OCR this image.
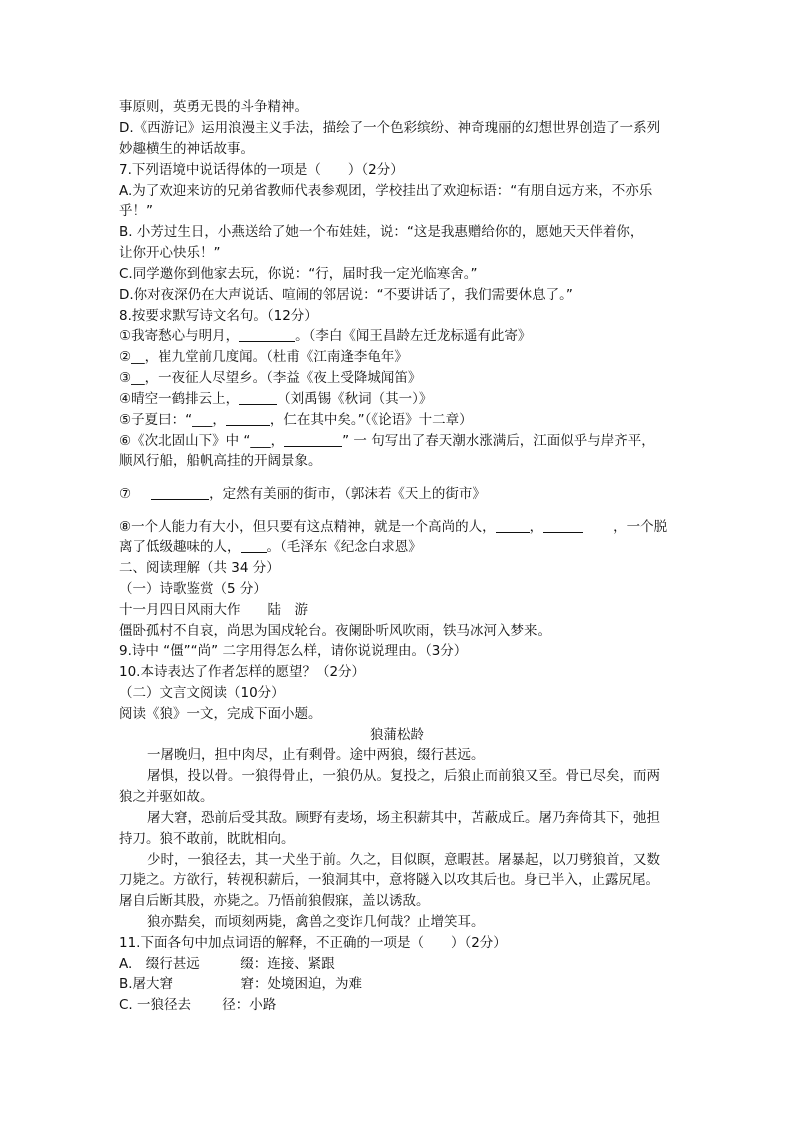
事原则，英勇无畏的斗争精神。
D.《西游记》运用浪漫主义手法，描绘了一个色彩缤纷、神奇瑰丽的幻想世界创造了一系列
妙趣横生的神话故事。
7.下列语境中说话得体的一项是（　　）（2分）
A.为了欢迎来访的兄弟省教师代表参观团，学校挂出了欢迎标语：“有朋自远方来，不亦乐
乎！”
B. 小芳过生日，小燕送给了她一个布娃娃，说：“这是我惠赠给你的，愿她天天伴着你，
让你开心快乐！”
C.同学邀你到他家去玩，你说：“行，届时我一定光临寒舍。”
D.你对夜深仍在大声说话、喧闹的邻居说：“不要讲话了，我们需要休息了。”
8.按要求默写诗文名句。（12分）
①我寄愁心与明月，	。（李白《闻王昌龄左迁龙标遥有此寄》
②__，崔九堂前几度闻。（杜甫《江南逢李龟年》
③__，一夜征人尽望乡。（李益《夜上受降城闻笛》
④晴空一鹤排云上，	（刘禹锡《秋词（其一）》
⑤子夏曰：“___，	，仁在其中矣。”（《论语》十二章）
⑥《次北固山下》中 “___，	” 一 句写出了春天潮水涨满后，江面似乎与岸齐平，
顺风行船，船帆高挂的开阔景象。
⑦	，定然有美丽的街市，（郭沫若《天上的街市》
⑧一个人能力有大小，但只要有这点精神，就是一个高尚的人，	，	，一个脱
离了低级趣味的人， 。（毛泽东《纪念白求恩》
二、阅读理解（共 34 分）
（一）诗歌鉴赏（5 分）
十一月四日风雨大作　　陆　游
僵卧孤村不自哀，尚思为国戍轮台。夜阑卧听风吹雨，铁马冰河入梦来。
9.诗中 “僵”“尚” 二字用得怎么样，请你说说理由。（3分）
10.本诗表达了作者怎样的愿望？（2分）
（二）文言文阅读（10分）
阅读《狼》一文，完成下面小题。
狼蒲松龄
一屠晚归，担中肉尽，止有剩骨。途中两狼，缀行甚远。
屠惧，投以骨。一狼得骨止，一狼仍从。复投之，后狼止而前狼又至。骨已尽矣，而两
狼之并驱如故。
屠大窘，恐前后受其敌。顾野有麦场，场主积薪其中，苫蔽成丘。屠乃奔倚其下，弛担
持刀。狼不敢前，眈眈相向。
少时，一狼径去，其一犬坐于前。久之，目似瞑，意暇甚。屠暴起，以刀劈狼首，又数
刀毙之。方欲行，转视积薪后，一狼洞其中，意将隧入以攻其后也。身已半入，止露尻尾。
屠自后断其股，亦毙之。乃悟前狼假寐，盖以诱敌。
狼亦黠矣，而顷刻两毙，禽兽之变诈几何哉？止增笑耳。
11.下面各句中加点词语的解释，不正确的一项是（　　）（2分）
A.　缀行甚远　　　缀：连接、紧跟
B.屠大窘　　　　　窘：处境困迫，为难
C. 一狼径去　　 径：小路
